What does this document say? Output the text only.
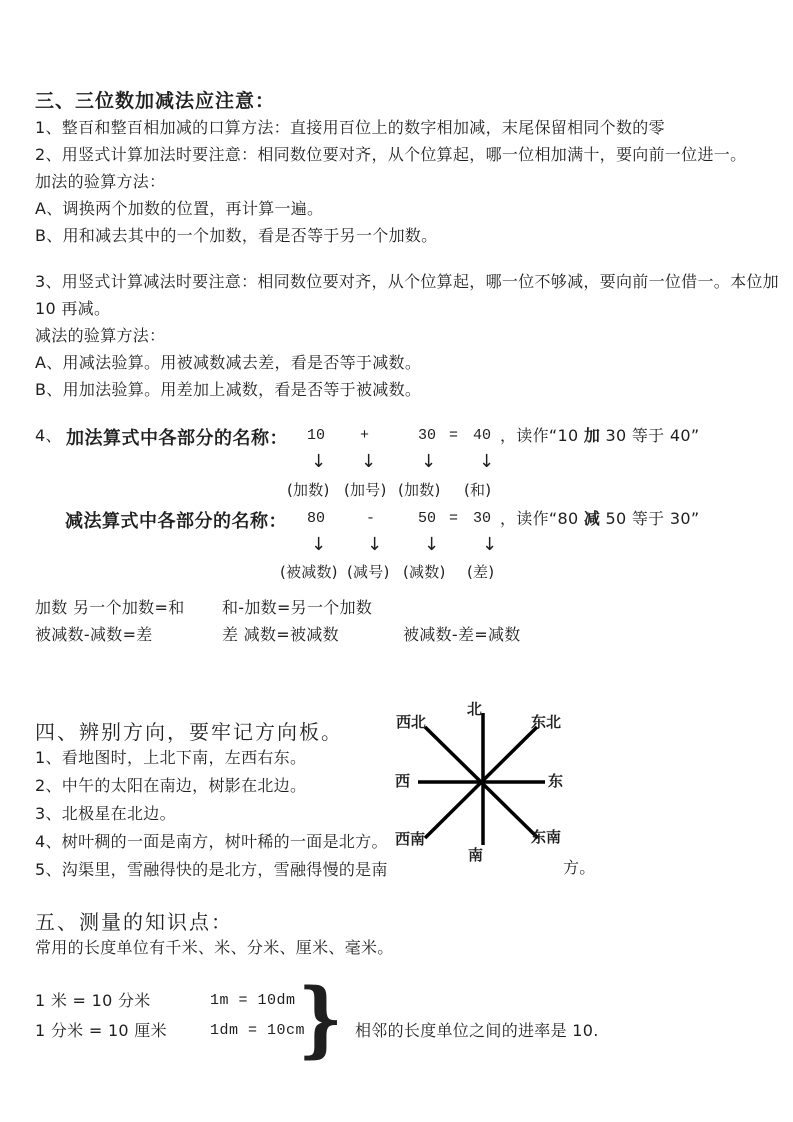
三、三位数加减法应注意：
1、整百和整百相加减的口算方法：直接用百位上的数字相加减，末尾保留相同个数的零
2、用竖式计算加法时要注意：相同数位要对齐，从个位算起，哪一位相加满十，要向前一位进一。
加法的验算方法：
A、调换两个加数的位置，再计算一遍。
B、用和减去其中的一个加数，看是否等于另一个加数。
3、用竖式计算减法时要注意：相同数位要对齐，从个位算起，哪一位不够减，要向前一位借一。本位加
10 再减。
减法的验算方法：
A、用减法验算。用被减数减去差，看是否等于减数。
B、用加法验算。用差加上减数，看是否等于被减数。
4、 加法算式中各部分的名称： 10 +	30 = 40 ，读作“10 加 30 等于 40”
↓ ↓ ↓ ↓
(加数) (加号) (加数) (和)
减法算式中各部分的名称： 80	-	50 = 30 ，读作“80 减 50 等于 30”
↓ ↓ ↓ ↓
(被减数) (减号) (减数) (差)
加数 另一个加数=和 和-加数=另一个加数
被减数-减数=差	差 减数=被减数	被减数-差=减数
四、辨别方向，要牢记方向板。
1、看地图时，上北下南，左西右东。
2、中午的太阳在南边，树影在北边。
3、北极星在北边。
4、树叶稠的一面是南方，树叶稀的一面是北方。
5、沟渠里，雪融得快的是北方，雪融得慢的是南	方。
北
西北	东北
西	东
西南	东南
南
五、测量的知识点：
常用的长度单位有千米、米、分米、厘米、毫米。
1 米 = 10 分米	1m = 10dm
1 分米 = 10 厘米	1dm = 10cm
} 相邻的长度单位之间的进率是 10.
